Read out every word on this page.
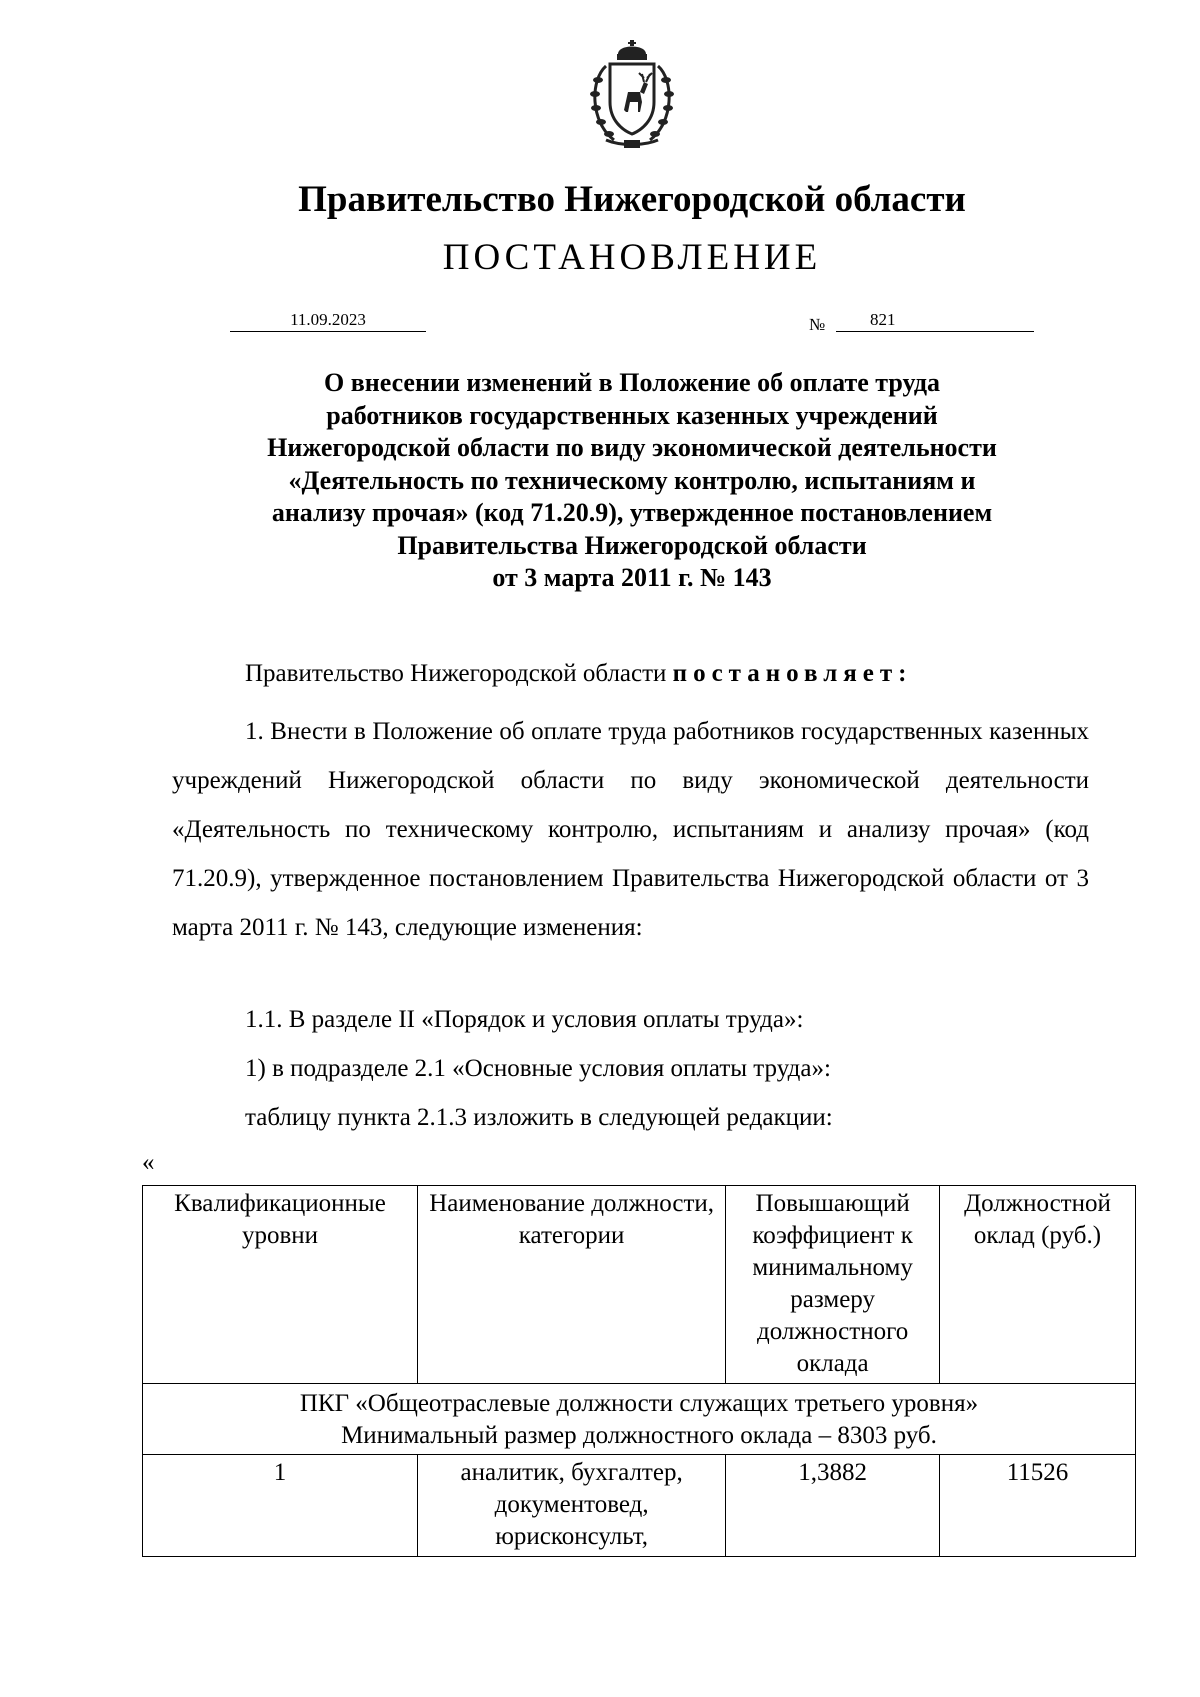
Правительство Нижегородской области
ПОСТАНОВЛЕНИЕ
11.09.2023	№	821
О внесении изменений в Положение об оплате труда
работников государственных казенных учреждений
Нижегородской области по виду экономической деятельности
«Деятельность по техническому контролю, испытаниям и
анализу прочая» (код 71.20.9), утвержденное постановлением
Правительства Нижегородской области
от 3 марта 2011 г. № 143
Правительство Нижегородской области постановляет:

1. Внести в Положение об оплате труда работников государственных казенных учреждений Нижегородской области по виду экономической деятельности «Деятельность по техническому контролю, испытаниям и анализу прочая» (код 71.20.9), утвержденное постановлением Правительства Нижегородской области от 3 марта 2011 г. № 143, следующие изменения:

1.1. В разделе II «Порядок и условия оплаты труда»:
1) в подразделе 2.1 «Основные условия оплаты труда»:
таблицу пункта 2.1.3 изложить в следующей редакции:
«
Квалификационные уровни	Наименование должности, категории	Повышающий коэффициент к минимальному размеру должностного оклада	Должностной оклад (руб.)

ПКГ «Общеотраслевые должности служащих третьего уровня»
Минимальный размер должностного оклада – 8303 руб.			

1	аналитик, бухгалтер, документовед, юрисконсульт,	1,3882	11526
